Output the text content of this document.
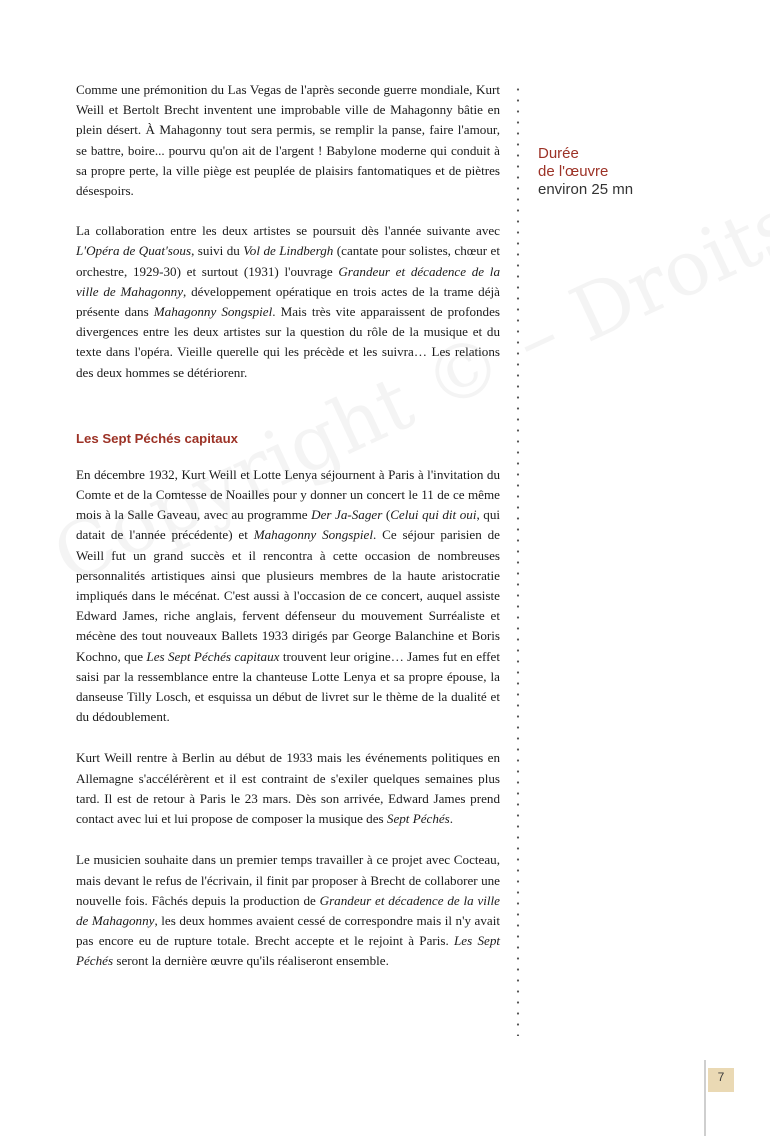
Comme une prémonition du Las Vegas de l'après seconde guerre mondiale, Kurt Weill et Bertolt Brecht inventent une improbable ville de Mahagonny bâtie en plein désert. À Mahagonny tout sera permis, se remplir la panse, faire l'amour, se battre, boire... pourvu qu'on ait de l'argent ! Babylone moderne qui conduit à sa propre perte, la ville piège est peuplée de plaisirs fantomatiques et de piètres désespoirs.

La collaboration entre les deux artistes se poursuit dès l'année suivante avec L'Opéra de Quat'sous, suivi du Vol de Lindbergh (cantate pour solistes, chœur et orchestre, 1929-30) et surtout (1931) l'ouvrage Grandeur et décadence de la ville de Mahagonny, développement opératique en trois actes de la trame déjà présente dans Mahagonny Songspiel. Mais très vite apparaissent de profondes divergences entre les deux artistes sur la question du rôle de la musique et du texte dans l'opéra. Vieille querelle qui les précède et les suivra… Les relations des deux hommes se détériorenr.

Les Sept Péchés capitaux

En décembre 1932, Kurt Weill et Lotte Lenya séjournent à Paris à l'invitation du Comte et de la Comtesse de Noailles pour y donner un concert le 11 de ce même mois à la Salle Gaveau, avec au programme Der Ja-Sager (Celui qui dit oui, qui datait de l'année précédente) et Mahagonny Songspiel. Ce séjour parisien de Weill fut un grand succès et il rencontra à cette occasion de nombreuses personnalités artistiques ainsi que plusieurs membres de la haute aristocratie impliqués dans le mécénat. C'est aussi à l'occasion de ce concert, auquel assiste Edward James, riche anglais, fervent défenseur du mouvement Surréaliste et mécène des tout nouveaux Ballets 1933 dirigés par George Balanchine et Boris Kochno, que Les Sept Péchés capitaux trouvent leur origine… James fut en effet saisi par la ressemblance entre la chanteuse Lotte Lenya et sa propre épouse, la danseuse Tilly Losch, et esquissa un début de livret sur le thème de la dualité et du dédoublement.

Kurt Weill rentre à Berlin au début de 1933 mais les événements politiques en Allemagne s'accélérèrent et il est contraint de s'exiler quelques semaines plus tard. Il est de retour à Paris le 23 mars. Dès son arrivée, Edward James prend contact avec lui et lui propose de composer la musique des Sept Péchés.

Le musicien souhaite dans un premier temps travailler à ce projet avec Cocteau, mais devant le refus de l'écrivain, il finit par proposer à Brecht de collaborer une nouvelle fois. Fâchés depuis la production de Grandeur et décadence de la ville de Mahagonny, les deux hommes avaient cessé de correspondre mais il n'y avait pas encore eu de rupture totale. Brecht accepte et le rejoint à Paris. Les Sept Péchés seront la dernière œuvre qu'ils réaliseront ensemble.

Durée
de l'œuvre
environ 25 mn
7
